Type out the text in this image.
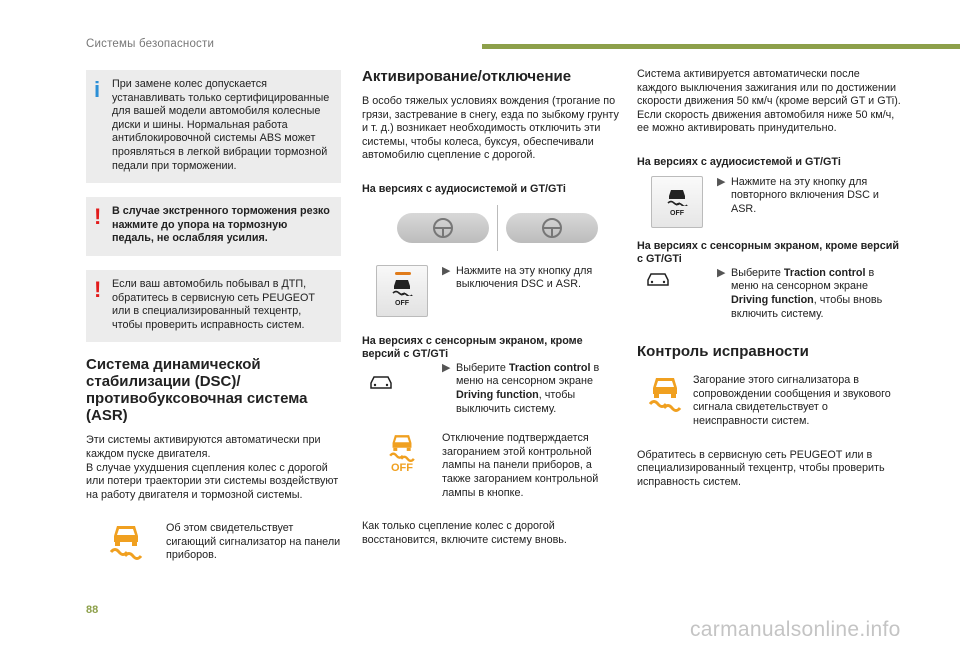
Системы безопасности
i При замене колес допускается устанавливать только сертифицированные для вашей модели автомобиля колесные диски и шины. Нормальная работа антиблокировочной системы ABS может проявляться в легкой вибрации тормозной педали при торможении.
! В случае экстренного торможения резко нажмите до упора на тормозную педаль, не ослабляя усилия.
! Если ваш автомобиль побывал в ДТП, обратитесь в сервисную сеть PEUGEOT или в специализированный техцентр, чтобы проверить исправность систем.
Система динамической стабилизации (DSC)/ противобуксовочная система (ASR)

Эти системы активируются автоматически при каждом пуске двигателя.
В случае ухудшения сцепления колес с дорогой или потери траектории эти системы воздействуют на работу двигателя и тормозной системы.

Об этом свидетельствует сигающий сигнализатор на панели приборов.
Активирование/отключение

В особо тяжелых условиях вождения (трогание по грязи, застревание в снегу, езда по зыбкому грунту и т. д.) возникает необходимость отключить эти системы, чтобы колеса, буксуя, обеспечивали автомобилю сцепление с дорогой.

На версиях с аудиосистемой и GT/GTi
OFF
▶ Нажмите на эту кнопку для выключения DSC и ASR.
На версиях с сенсорным экраном, кроме версий с GT/GTi
▶ Выберите Traction control в меню на сенсорном экране Driving function, чтобы выключить систему.
OFF
Отключение подтверждается загоранием этой контрольной лампы на панели приборов, а также загоранием контрольной лампы в кнопке.

Как только сцепление колес с дорогой восстановится, включите систему вновь.

Система активируется автоматически после каждого выключения зажигания или по достижении скорости движения 50 км/ч (кроме версий GT и GTi). Если скорость движения автомобиля ниже 50 км/ч, ее можно активировать принудительно.

На версиях с аудиосистемой и GT/GTi
OFF
▶ Нажмите на эту кнопку для повторного включения DSC и ASR.
На версиях с сенсорным экраном, кроме версий с GT/GTi
▶ Выберите Traction control в меню на сенсорном экране Driving function, чтобы вновь включить систему.
Контроль исправности
Загорание этого сигнализатора в сопровождении сообщения и звукового сигнала свидетельствует о неисправности систем.

Обратитесь в сервисную сеть PEUGEOT или в специализированный техцентр, чтобы проверить исправность систем.

88
carmanualsonline.info
